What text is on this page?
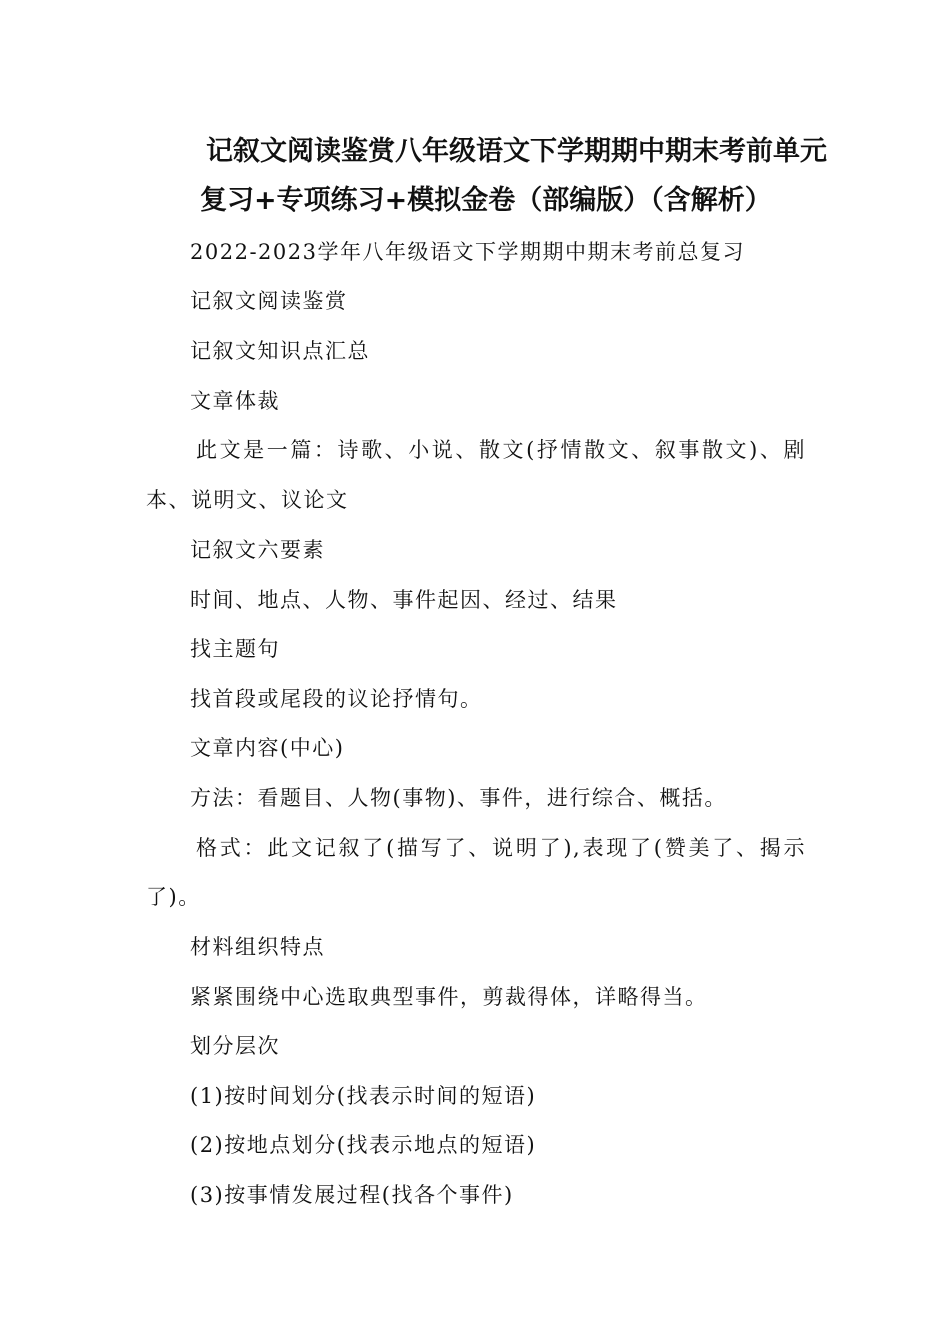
记叙文阅读鉴赏八年级语文下学期期中期末考前单元
复习+专项练习+模拟金卷（部编版）（含解析）
2022-2023学年八年级语文下学期期中期末考前总复习
记叙文阅读鉴赏
记叙文知识点汇总
文章体裁
此文是一篇：诗歌、小说、散文(抒情散文、叙事散文)、剧
本、说明文、议论文
记叙文六要素
时间、地点、人物、事件起因、经过、结果
找主题句
找首段或尾段的议论抒情句。
文章内容(中心)
方法：看题目、人物(事物)、事件，进行综合、概括。
格式：此文记叙了(描写了、说明了),表现了(赞美了、揭示
了)。
材料组织特点
紧紧围绕中心选取典型事件，剪裁得体，详略得当。
划分层次
(1)按时间划分(找表示时间的短语)
(2)按地点划分(找表示地点的短语)
(3)按事情发展过程(找各个事件)
